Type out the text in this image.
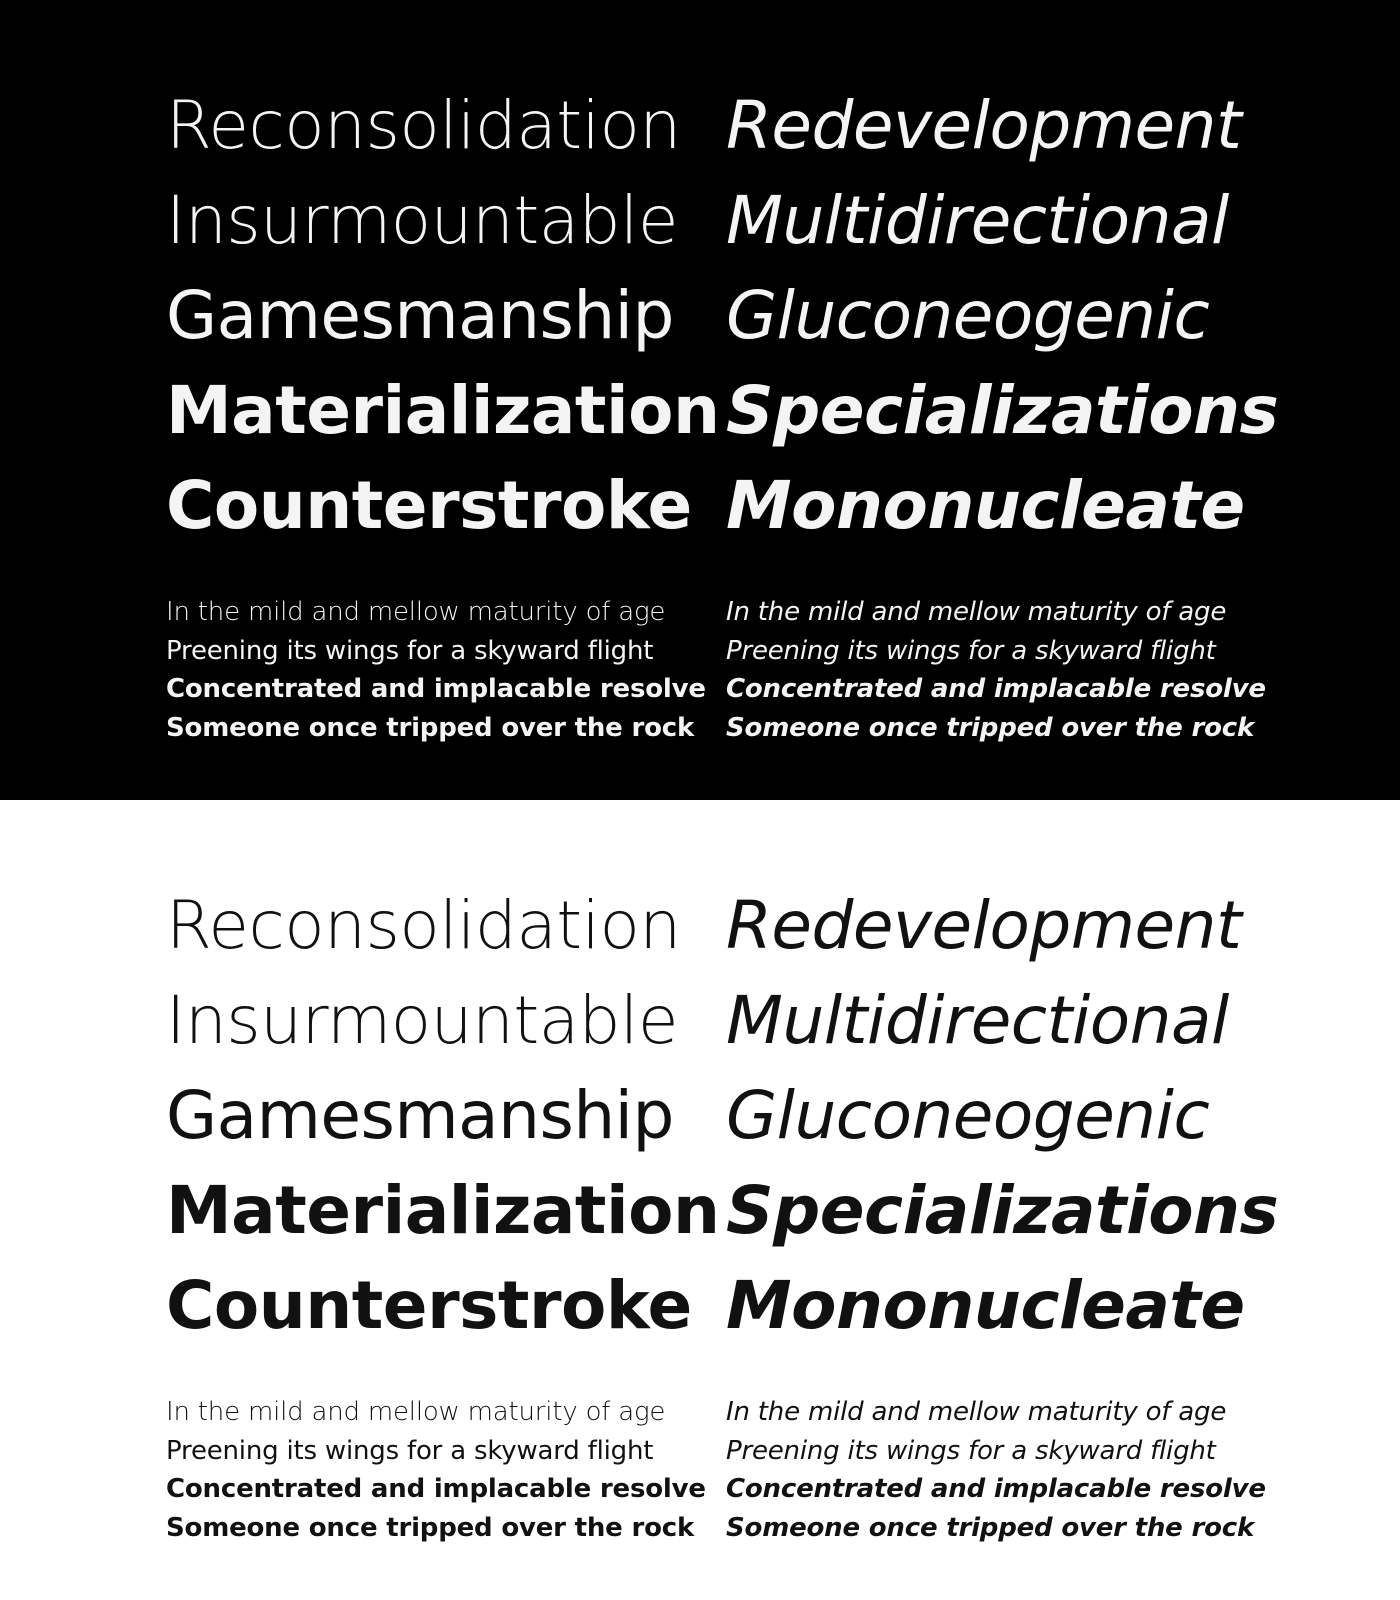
Reconsolidation
Insurmountable
Gamesmanship
Materialization
Counterstroke
In the mild and mellow maturity of age
Preening its wings for a skyward flight
Concentrated and implacable resolve
Someone once tripped over the rock
Redevelopment
Multidirectional
Gluconeogenic
Specializations
Mononucleate
In the mild and mellow maturity of age
Preening its wings for a skyward flight
Concentrated and implacable resolve
Someone once tripped over the rock
Reconsolidation
Insurmountable
Gamesmanship
Materialization
Counterstroke
In the mild and mellow maturity of age
Preening its wings for a skyward flight
Concentrated and implacable resolve
Someone once tripped over the rock
Redevelopment
Multidirectional
Gluconeogenic
Specializations
Mononucleate
In the mild and mellow maturity of age
Preening its wings for a skyward flight
Concentrated and implacable resolve
Someone once tripped over the rock
